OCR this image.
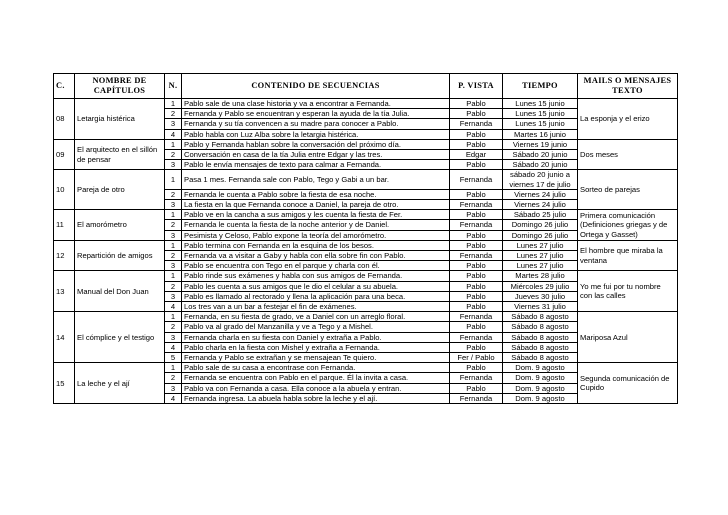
C.	NOMBRE DE CAPÍTULOS	N.	CONTENIDO DE SECUENCIAS	P. VISTA	TIEMPO	MAILS O MENSAJES TEXTO
08	Letargia histérica	1	Pablo sale de una clase historia y va a encontrar a Fernanda.	Pablo	Lunes 15 junio	La esponja y el erizo
		2	Fernanda y Pablo se encuentran y esperan la ayuda de la tía Julia.	Pablo	Lunes 15 junio	
		3	Fernanda y su tía convencen a su madre para conocer a Pablo.	Fernanda	Lunes 15 junio	
		4	Pablo habla con Luz Alba sobre la letargia histérica.	Pablo	Martes 16 junio	
09	El arquitecto en el sillón de pensar	1	Pablo y Fernanda hablan sobre la conversación del próximo día.	Pablo	Viernes 19 junio	Dos meses
		2	Conversación en casa de la tía Julia entre Edgar y las tres.	Edgar	Sábado 20 junio	
		3	Pablo le envía mensajes de texto para calmar a Fernanda.	Pablo	Sábado 20 junio	
10	Pareja de otro	1	Pasa 1 mes. Fernanda sale con Pablo, Tego y Gabi a un bar.	Fernanda	sábado 20 junio a viernes 17 de julio	Sorteo de parejas
		2	Fernanda le cuenta a Pablo sobre la fiesta de esa noche.	Pablo	Viernes 24 julio	
		3	La fiesta en la que Fernanda conoce a Daniel, la pareja de otro.	Fernanda	Viernes 24 julio	
11	El amorómetro	1	Pablo ve en la cancha a sus amigos y les cuenta la fiesta de Fer.	Pablo	Sábado 25 julio	Primera comunicación (Definiciones griegas y de Ortega y Gasset)
		2	Fernanda le cuenta la fiesta de la noche anterior y de Daniel.	Fernanda	Domingo 26 julio	
		3	Pesimista y Celoso, Pablo expone la teoría del amorómetro.	Pablo	Domingo 26 julio	
12	Repartición de amigos	1	Pablo termina con Fernanda en la esquina de los besos.	Pablo	Lunes 27 julio	El hombre que miraba la ventana
		2	Fernanda va a visitar a Gaby y habla con ella sobre fin con Pablo.	Fernanda	Lunes 27 julio	
		3	Pablo se encuentra con Tego en el parque y charla con él.	Pablo	Lunes 27 julio	
13	Manual del Don Juan	1	Pablo rinde sus exámenes y habla con sus amigos de Fernanda.	Pablo	Martes 28 julio	Yo me fui por tu nombre con las calles
		2	Pablo les cuenta a sus amigos que le dio el celular a su abuela.	Pablo	Miércoles 29 julio	
		3	Pablo es llamado al rectorado y llena la aplicación para una beca.	Pablo	Jueves 30 julio	
		4	Los tres van a un bar a festejar el fin de exámenes.	Pablo	Viernes 31 julio	
14	El cómplice y el testigo	1	Fernanda, en su fiesta de grado, ve a Daniel con un arreglo floral.	Fernanda	Sábado 8 agosto	Mariposa Azul
		2	Pablo va al grado del Manzanilla y ve a Tego y a Mishel.	Pablo	Sábado 8 agosto	
		3	Fernanda charla en su fiesta con Daniel y extraña a Pablo.	Fernanda	Sábado 8 agosto	
		4	Pablo charla en la fiesta con Mishel y extraña a Fernanda.	Pablo	Sábado 8 agosto	
		5	Fernanda y Pablo se extrañan y se mensajean Te quiero.	Fer / Pablo	Sábado 8 agosto	
15	La leche y el ají	1	Pablo sale de su casa a encontrase con Fernanda.	Pablo	Dom. 9 agosto	Segunda comunicación de Cupido
		2	Fernanda se encuentra con Pablo en el parque. Él la invita a casa.	Fernanda	Dom. 9 agosto	
		3	Pablo va con Fernanda a casa. Ella conoce a la abuela y entran.	Pablo	Dom. 9 agosto	
		4	Fernanda ingresa. La abuela habla sobre la leche y el ají.	Fernanda	Dom. 9 agosto	
